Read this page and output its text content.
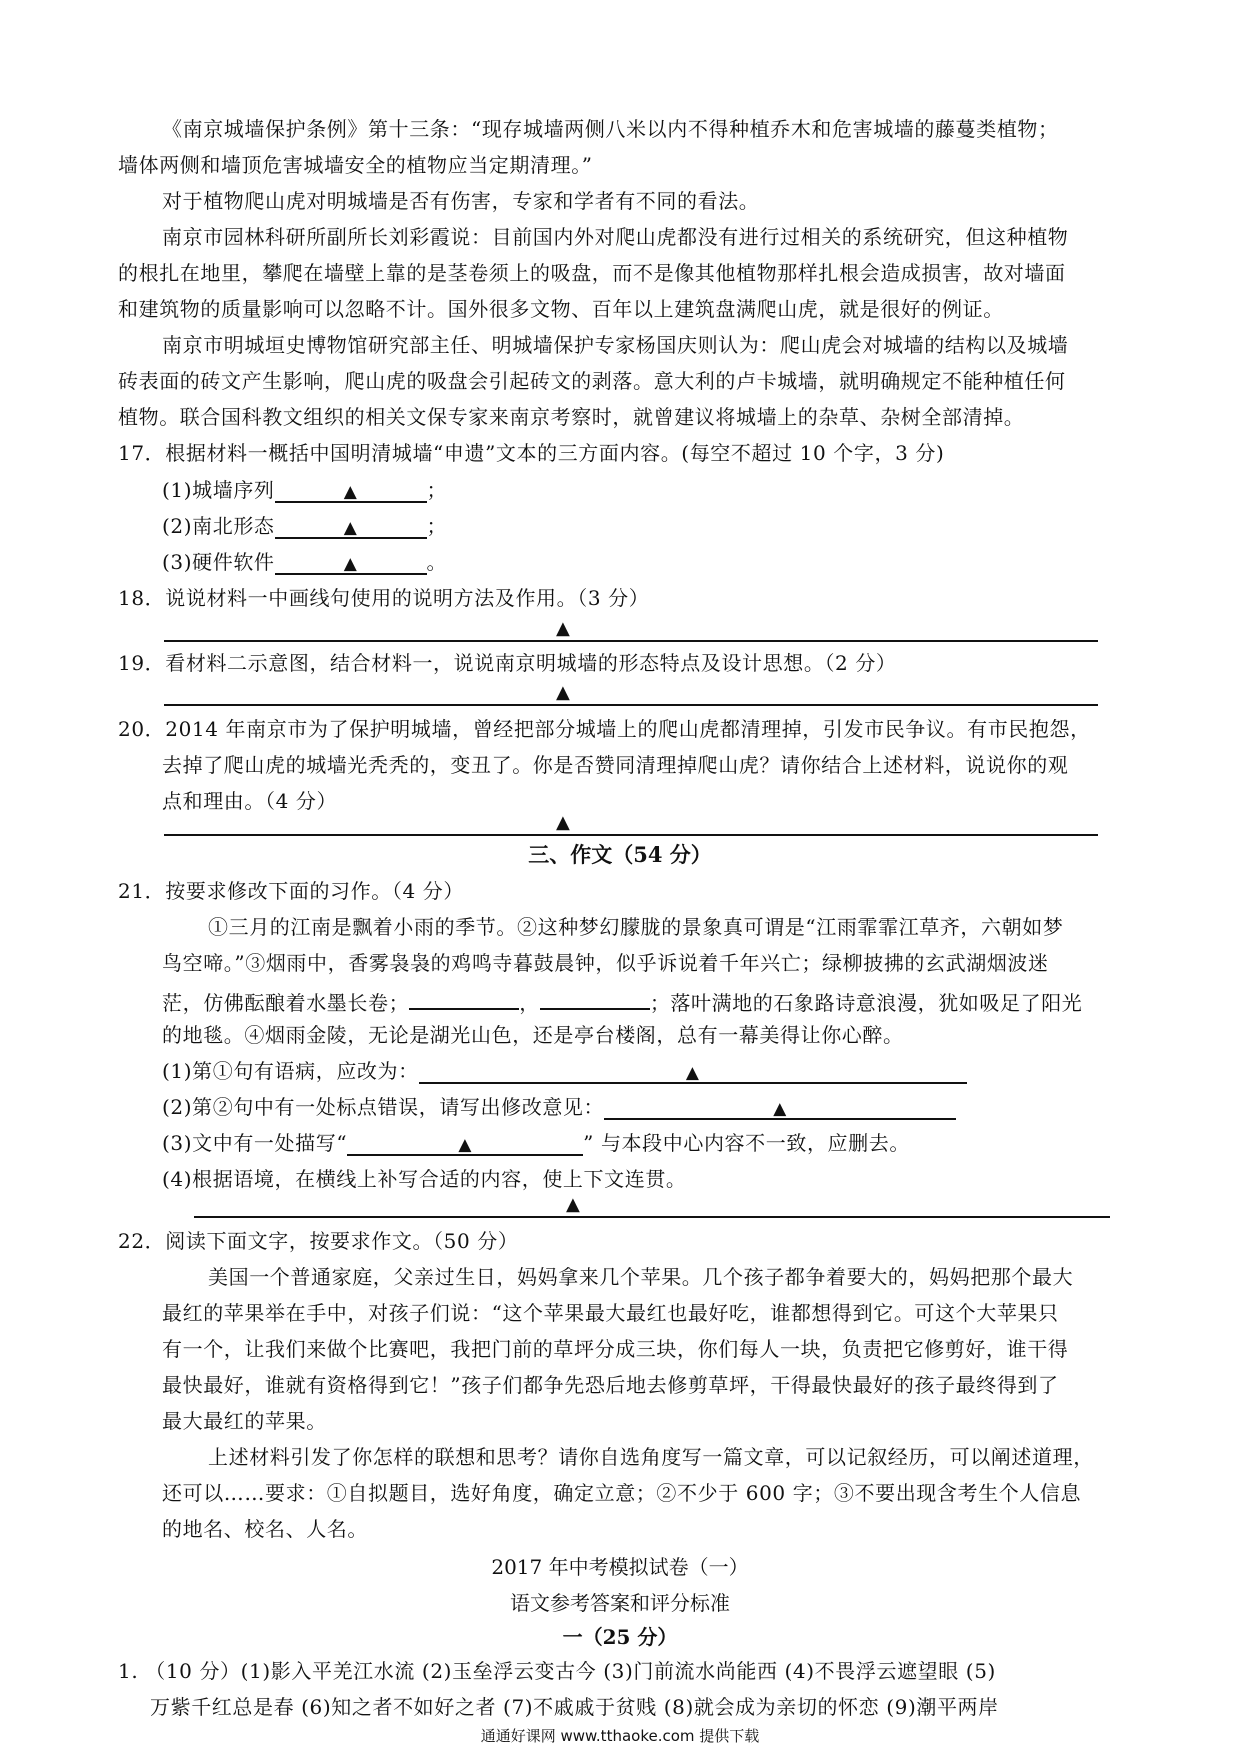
《南京城墙保护条例》第十三条：“现存城墙两侧八米以内不得种植乔木和危害城墙的藤蔓类植物；
墙体两侧和墙顶危害城墙安全的植物应当定期清理。”
对于植物爬山虎对明城墙是否有伤害，专家和学者有不同的看法。
南京市园林科研所副所长刘彩霞说：目前国内外对爬山虎都没有进行过相关的系统研究，但这种植物
的根扎在地里，攀爬在墙壁上靠的是茎卷须上的吸盘，而不是像其他植物那样扎根会造成损害，故对墙面
和建筑物的质量影响可以忽略不计。国外很多文物、百年以上建筑盘满爬山虎，就是很好的例证。
南京市明城垣史博物馆研究部主任、明城墙保护专家杨国庆则认为：爬山虎会对城墙的结构以及城墙
砖表面的砖文产生影响，爬山虎的吸盘会引起砖文的剥落。意大利的卢卡城墙，就明确规定不能种植任何
植物。联合国科教文组织的相关文保专家来南京考察时，就曾建议将城墙上的杂草、杂树全部清掉。
17．根据材料一概括中国明清城墙“申遗”文本的三方面内容。(每空不超过 10 个字，3 分)
(1)城墙序列	▲	；
(2)南北形态	▲	；
(3)硬件软件	▲	。
18．说说材料一中画线句使用的说明方法及作用。（3 分）
▲
19．看材料二示意图，结合材料一，说说南京明城墙的形态特点及设计思想。（2 分）
▲
20．2014 年南京市为了保护明城墙，曾经把部分城墙上的爬山虎都清理掉，引发市民争议。有市民抱怨，
去掉了爬山虎的城墙光秃秃的，变丑了。你是否赞同清理掉爬山虎？请你结合上述材料，说说你的观
点和理由。（4 分）
▲
三、作文（54 分）
21．按要求修改下面的习作。（4 分）
①三月的江南是飘着小雨的季节。②这种梦幻朦胧的景象真可谓是“江雨霏霏江草齐，六朝如梦
鸟空啼。”③烟雨中，香雾袅袅的鸡鸣寺暮鼓晨钟，似乎诉说着千年兴亡；绿柳披拂的玄武湖烟波迷
茫，仿佛酝酿着水墨长卷；	，	；落叶满地的石象路诗意浪漫，犹如吸足了阳光
的地毯。④烟雨金陵，无论是湖光山色，还是亭台楼阁，总有一幕美得让你心醉。
(1)第①句有语病，应改为：	▲
(2)第②句中有一处标点错误，请写出修改意见：	▲
(3)文中有一处描写“	▲	” 与本段中心内容不一致，应删去。
(4)根据语境，在横线上补写合适的内容，使上下文连贯。
▲
22．阅读下面文字，按要求作文。（50 分）
美国一个普通家庭，父亲过生日，妈妈拿来几个苹果。几个孩子都争着要大的，妈妈把那个最大
最红的苹果举在手中，对孩子们说：“这个苹果最大最红也最好吃，谁都想得到它。可这个大苹果只
有一个，让我们来做个比赛吧，我把门前的草坪分成三块，你们每人一块，负责把它修剪好，谁干得
最快最好，谁就有资格得到它！”孩子们都争先恐后地去修剪草坪，干得最快最好的孩子最终得到了
最大最红的苹果。
上述材料引发了你怎样的联想和思考？请你自选角度写一篇文章，可以记叙经历，可以阐述道理，
还可以……要求：①自拟题目，选好角度，确定立意；②不少于 600 字；③不要出现含考生个人信息
的地名、校名、人名。
2017 年中考模拟试卷（一）
语文参考答案和评分标准
一（25 分）
1. （10 分）(1)影入平羌江水流 (2)玉垒浮云变古今 (3)门前流水尚能西 (4)不畏浮云遮望眼 (5)
万紫千红总是春 (6)知之者不如好之者 (7)不戚戚于贫贱 (8)就会成为亲切的怀恋 (9)潮平两岸
通通好课网 www.tthaoke.com 提供下载
